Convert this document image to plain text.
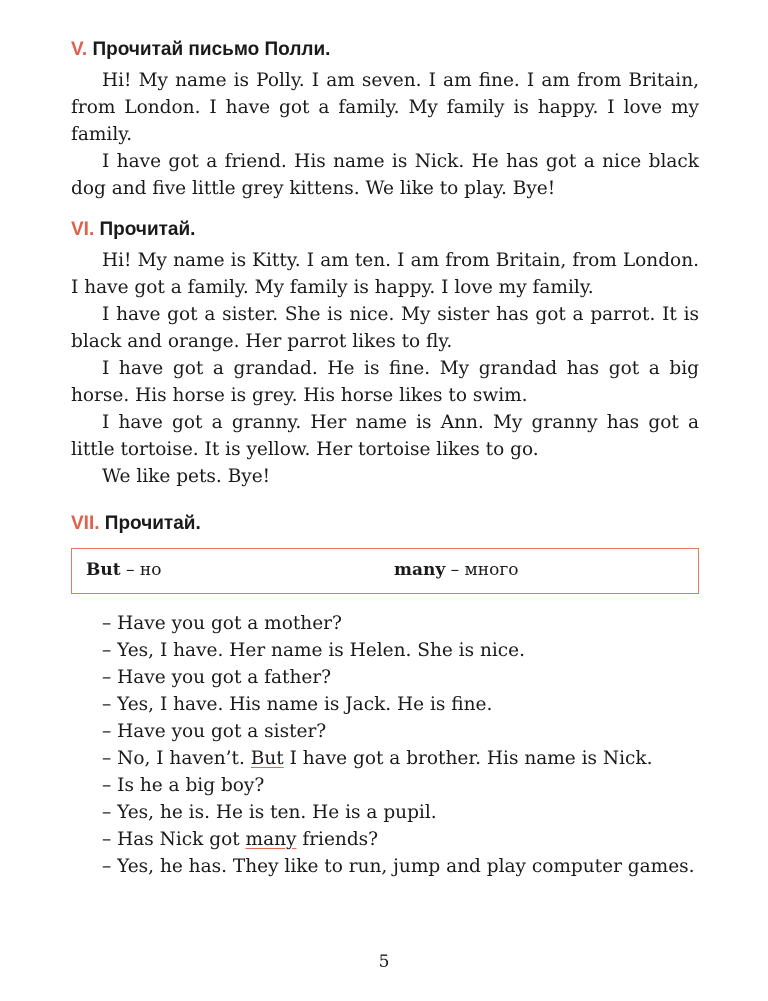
V. Прочитай письмо Полли.

Hi! My name is Polly. I am seven. I am fine. I am from Britain, from London. I have got a family. My family is happy. I love my family.

I have got a friend. His name is Nick. He has got a nice black dog and five little grey kittens. We like to play. Bye!

VI. Прочитай.

Hi! My name is Kitty. I am ten. I am from Britain, from London. I have got a family. My family is happy. I love my family.

I have got a sister. She is nice. My sister has got a parrot. It is black and orange. Her parrot likes to fly.

I have got a grandad. He is fine. My grandad has got a big horse. His horse is grey. His horse likes to swim.

I have got a granny. Her name is Ann. My granny has got a little tortoise. It is yellow. Her tortoise likes to go.

We like pets. Bye!

VII. Прочитай.
But – но	many – много

– Have you got a mother?

– Yes, I have. Her name is Helen. She is nice.

– Have you got a father?

– Yes, I have. His name is Jack. He is fine.

– Have you got a sister?

– No, I haven’t. But I have got a brother. His name is Nick.

– Is he a big boy?

– Yes, he is. He is ten. He is a pupil.

– Has Nick got many friends?

– Yes, he has. They like to run, jump and play computer games.

5
